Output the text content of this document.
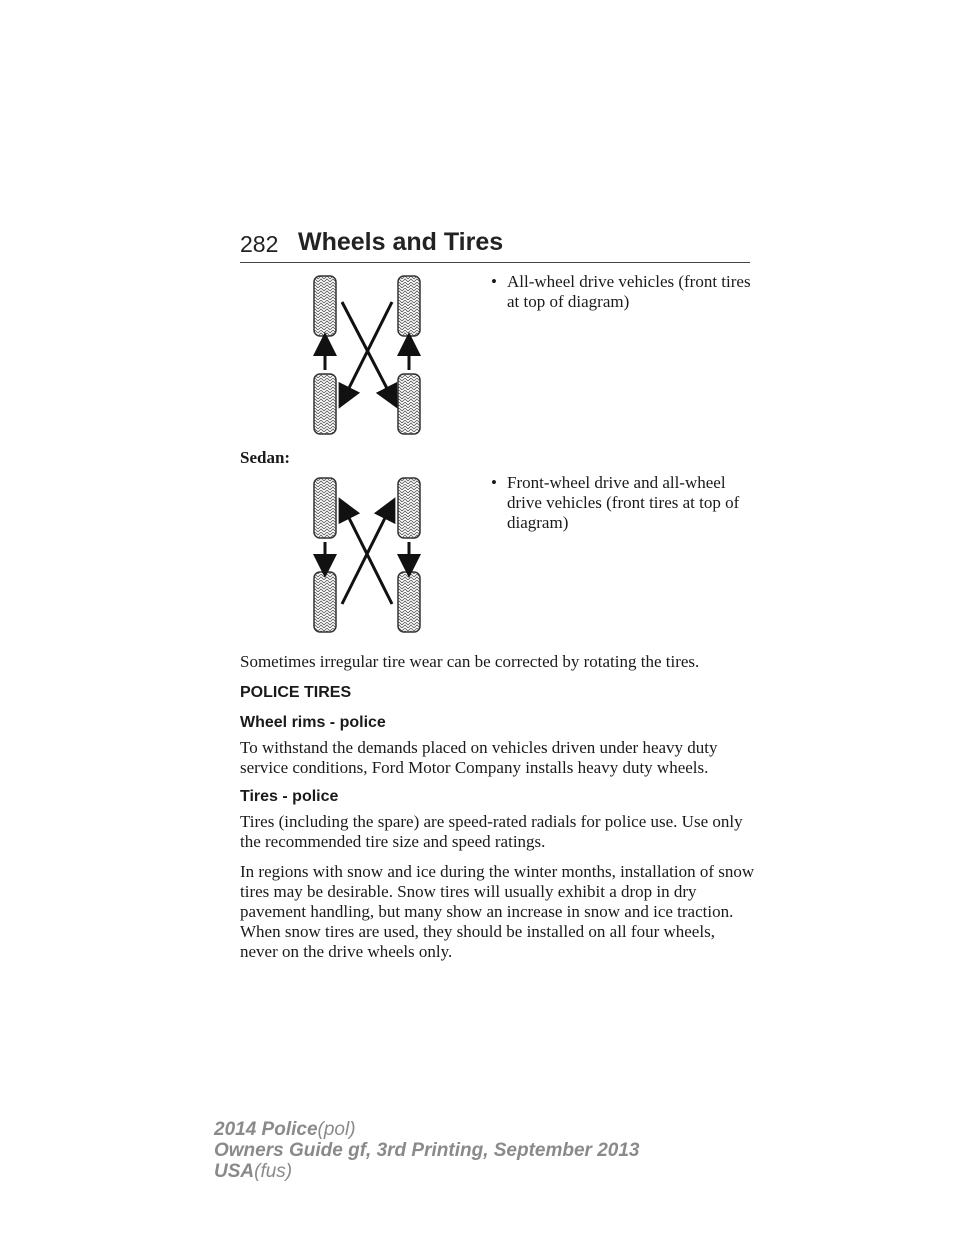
282 Wheels and Tires
• All-wheel drive vehicles (front tires at top of diagram)
Sedan:
• Front-wheel drive and all-wheel drive vehicles (front tires at top of diagram)
Sometimes irregular tire wear can be corrected by rotating the tires.
POLICE TIRES
Wheel rims - police
To withstand the demands placed on vehicles driven under heavy duty service conditions, Ford Motor Company installs heavy duty wheels.
Tires - police
Tires (including the spare) are speed-rated radials for police use. Use only the recommended tire size and speed ratings.
In regions with snow and ice during the winter months, installation of snow tires may be desirable. Snow tires will usually exhibit a drop in dry pavement handling, but many show an increase in snow and ice traction. When snow tires are used, they should be installed on all four wheels, never on the drive wheels only.
2014 Police(pol)
Owners Guide gf, 3rd Printing, September 2013
USA(fus)
